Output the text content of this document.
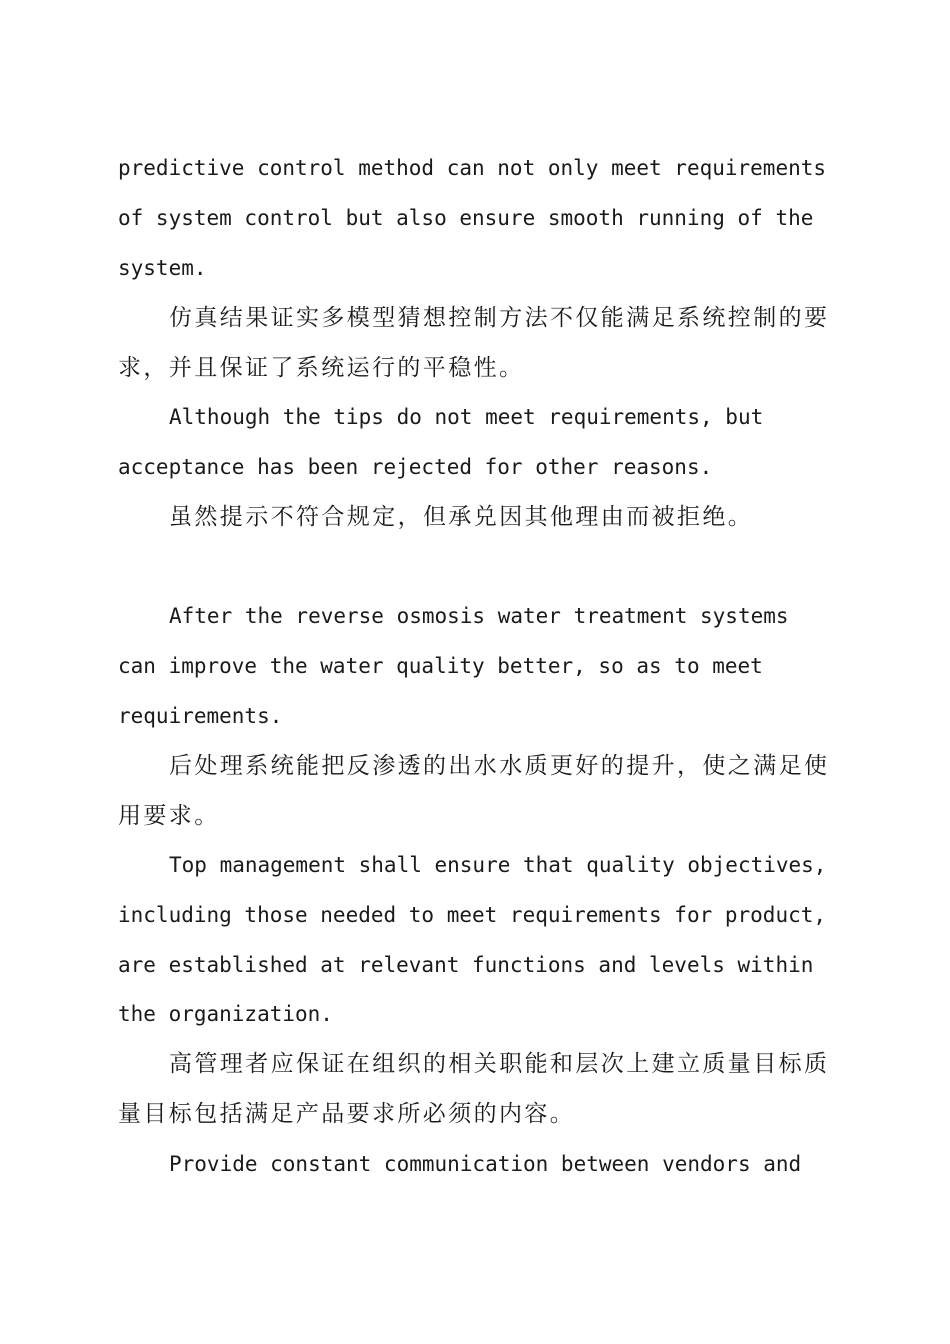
predictive control method can not only meet requirements of system control but also ensure smooth running of the system.

仿真结果证实多模型猜想控制方法不仅能满足系统控制的要求，并且保证了系统运行的平稳性。

Although the tips do not meet requirements, but acceptance has been rejected for other reasons.

虽然提示不符合规定，但承兑因其他理由而被拒绝。

After the reverse osmosis water treatment systems can improve the water quality better, so as to meet requirements.

后处理系统能把反渗透的出水水质更好的提升，使之满足使用要求。

Top management shall ensure that quality objectives, including those needed to meet requirements for product, are established at relevant functions and levels within the organization.

高管理者应保证在组织的相关职能和层次上建立质量目标质量目标包括满足产品要求所必须的内容。

Provide constant communication between vendors and
